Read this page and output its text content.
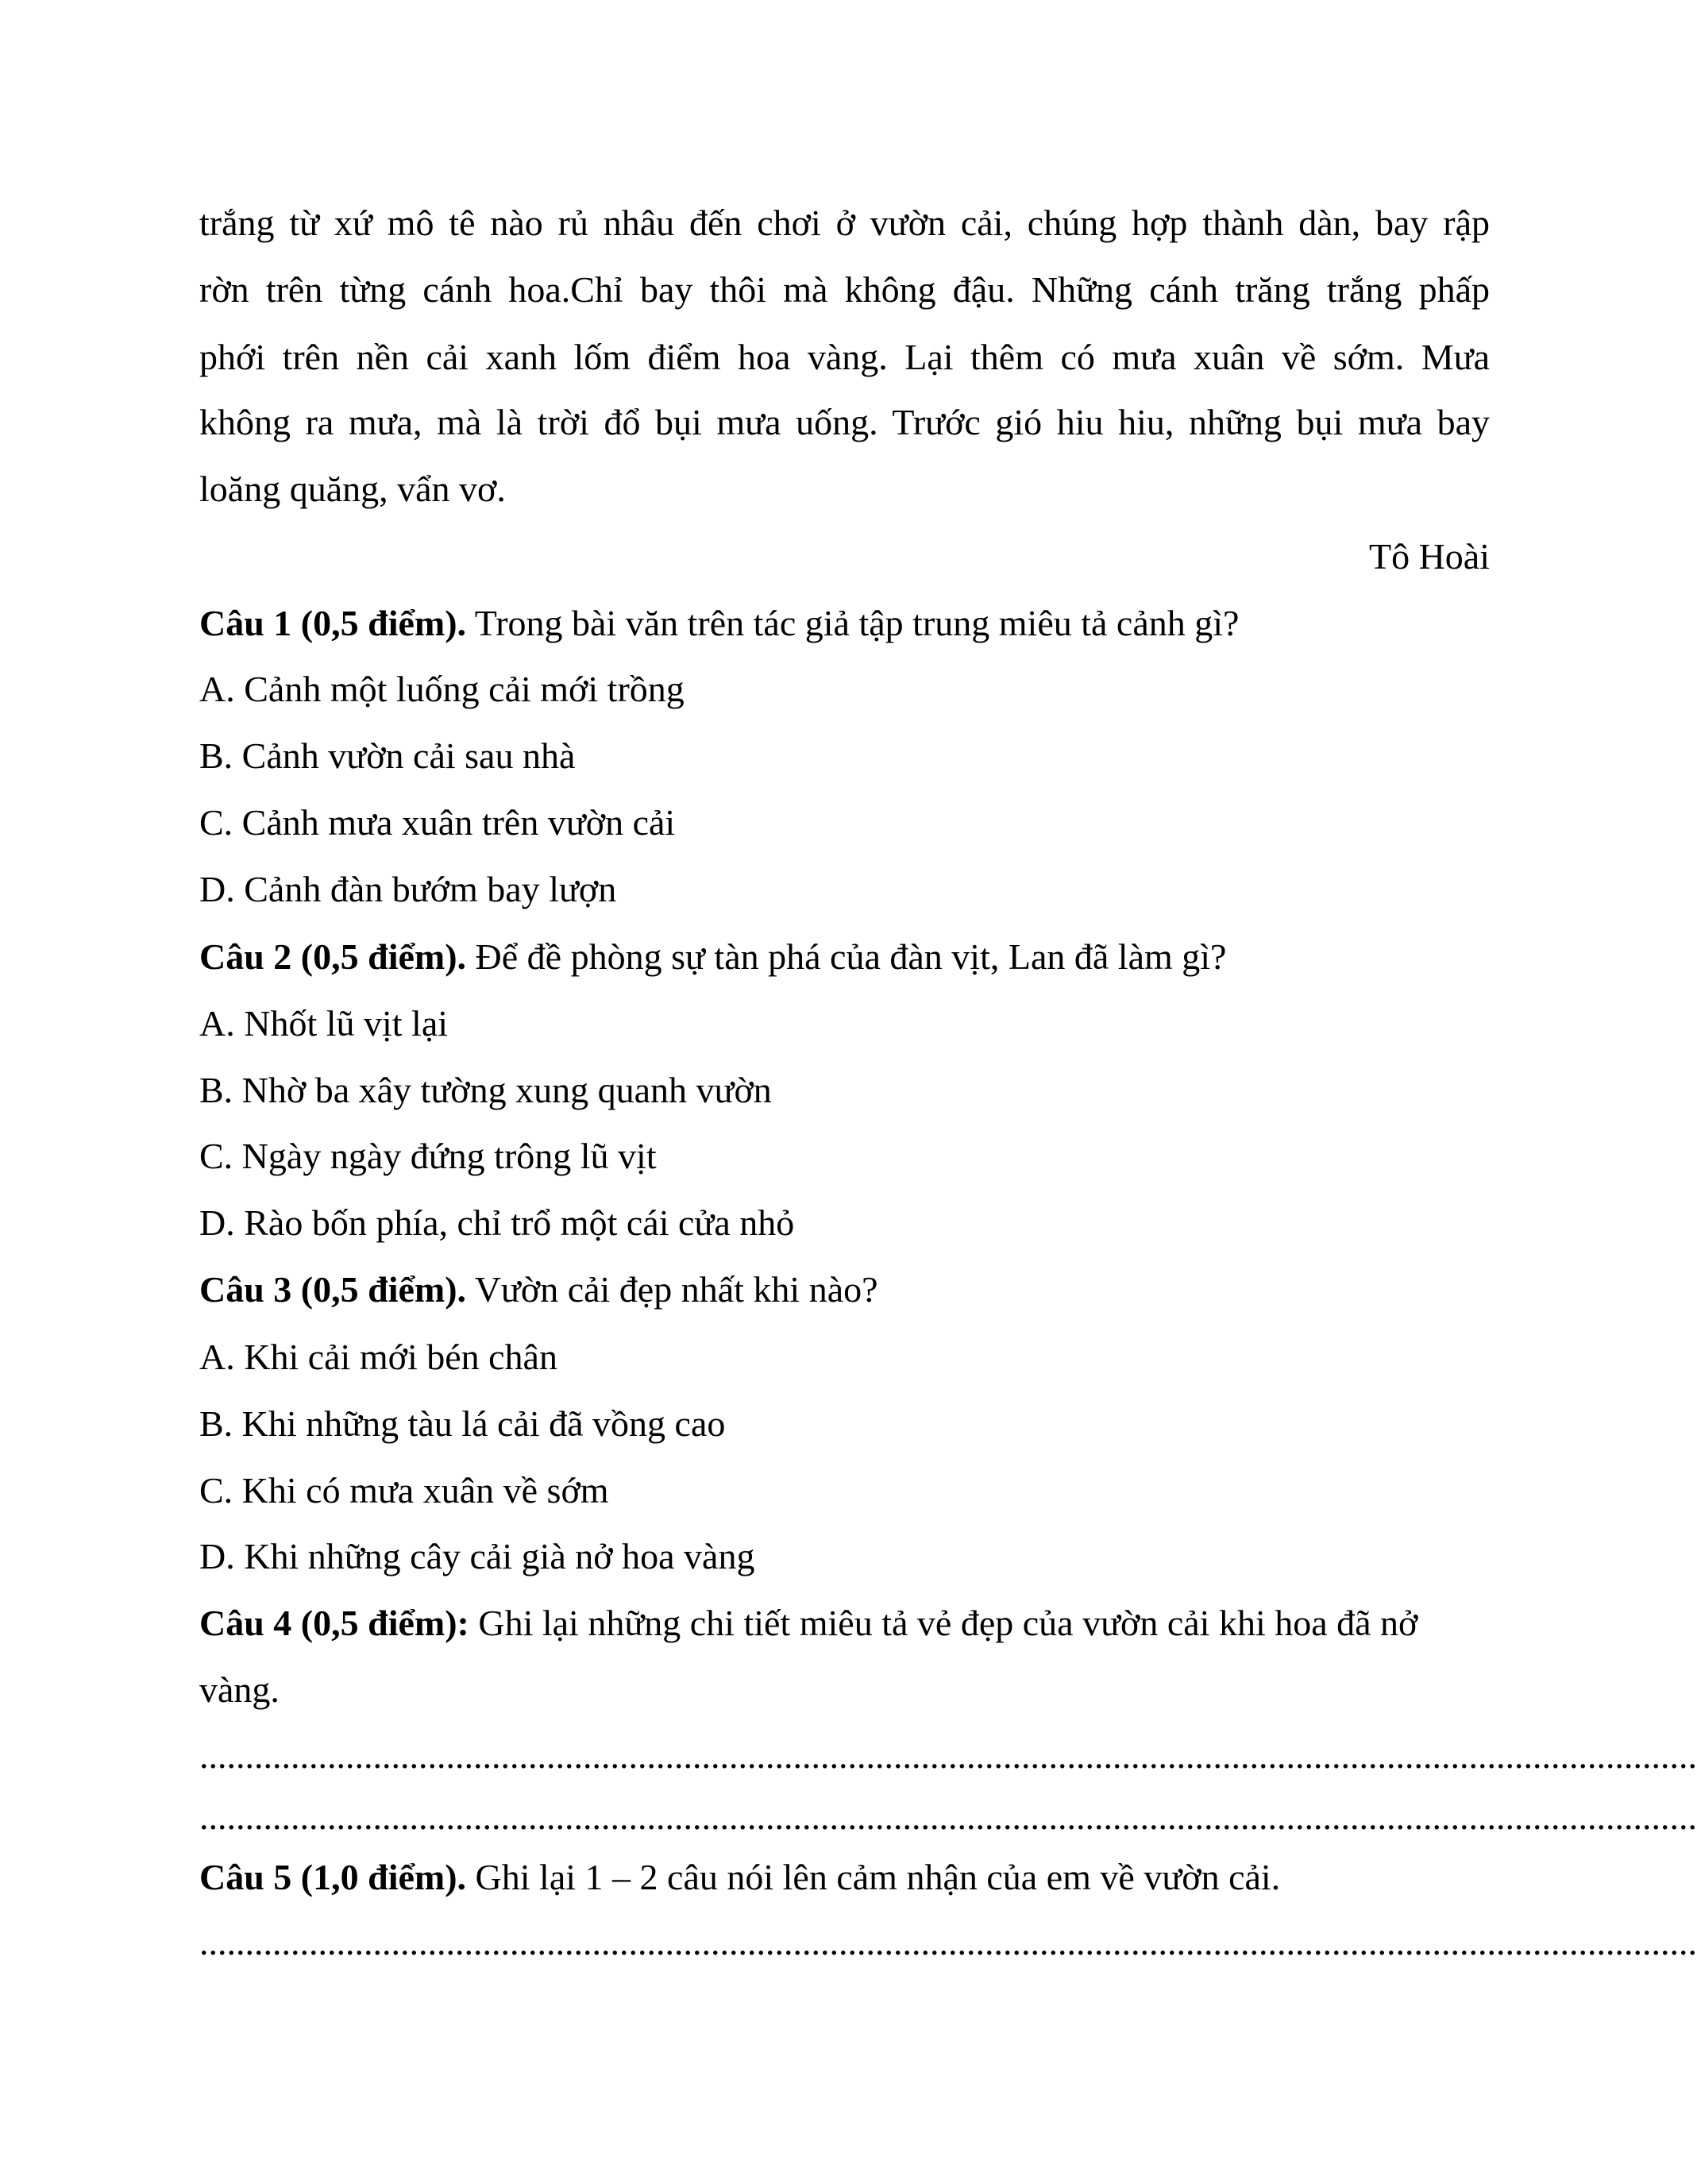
trắng từ xứ mô tê nào rủ nhâu đến chơi ở vườn cải, chúng hợp thành dàn, bay rập
rờn trên từng cánh hoa.Chỉ bay thôi mà không đậu. Những cánh trăng trắng phấp
phới trên nền cải xanh lốm điểm hoa vàng. Lại thêm có mưa xuân về sớm. Mưa
không ra mưa, mà là trời đổ bụi mưa uống. Trước gió hiu hiu, những bụi mưa bay
loăng quăng, vẩn vơ.
Tô Hoài
Câu 1 (0,5 điểm). Trong bài văn trên tác giả tập trung miêu tả cảnh gì?
A. Cảnh một luống cải mới trồng
B. Cảnh vườn cải sau nhà
C. Cảnh mưa xuân trên vườn cải
D. Cảnh đàn bướm bay lượn
Câu 2 (0,5 điểm). Để đề phòng sự tàn phá của đàn vịt, Lan đã làm gì?
A. Nhốt lũ vịt lại
B. Nhờ ba xây tường xung quanh vườn
C. Ngày ngày đứng trông lũ vịt
D. Rào bốn phía, chỉ trổ một cái cửa nhỏ
Câu 3 (0,5 điểm). Vườn cải đẹp nhất khi nào?
A. Khi cải mới bén chân
B. Khi những tàu lá cải đã vồng cao
C. Khi có mưa xuân về sớm
D. Khi những cây cải già nở hoa vàng
Câu 4 (0,5 điểm): Ghi lại những chi tiết miêu tả vẻ đẹp của vườn cải khi hoa đã nở
vàng.
....................................................................................................................................................................
....................................................................................................................................................................
Câu 5 (1,0 điểm). Ghi lại 1 – 2 câu nói lên cảm nhận của em về vườn cải.
....................................................................................................................................................................
